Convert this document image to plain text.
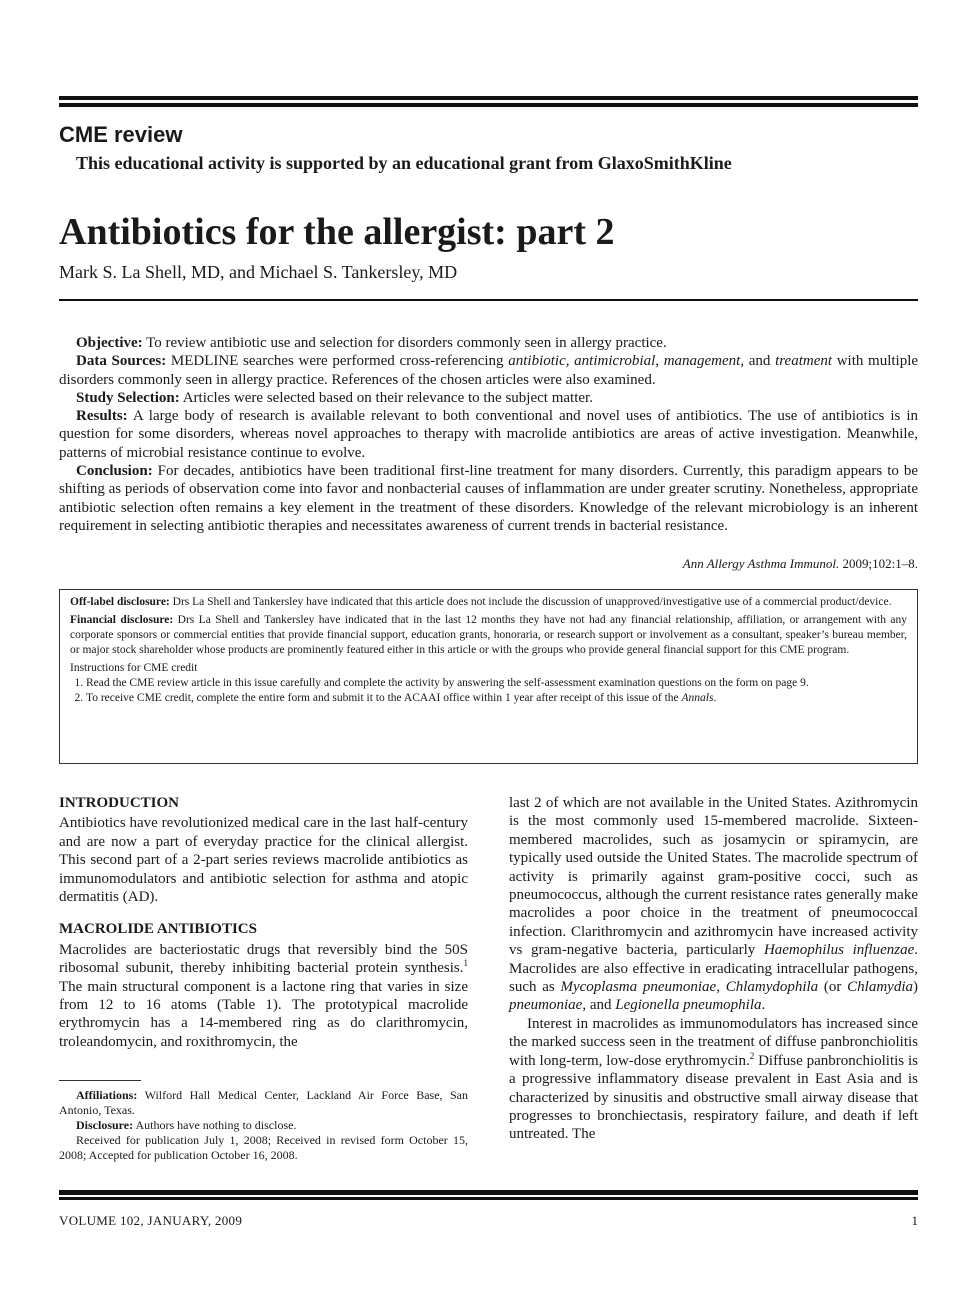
CME review
This educational activity is supported by an educational grant from GlaxoSmithKline
Antibiotics for the allergist: part 2
Mark S. La Shell, MD, and Michael S. Tankersley, MD

Objective: To review antibiotic use and selection for disorders commonly seen in allergy practice.

Data Sources: MEDLINE searches were performed cross-referencing antibiotic, antimicrobial, management, and treatment with multiple disorders commonly seen in allergy practice. References of the chosen articles were also examined.

Study Selection: Articles were selected based on their relevance to the subject matter.

Results: A large body of research is available relevant to both conventional and novel uses of antibiotics. The use of antibiotics is in question for some disorders, whereas novel approaches to therapy with macrolide antibiotics are areas of active investigation. Meanwhile, patterns of microbial resistance continue to evolve.

Conclusion: For decades, antibiotics have been traditional first-line treatment for many disorders. Currently, this paradigm appears to be shifting as periods of observation come into favor and nonbacterial causes of inflammation are under greater scrutiny. Nonetheless, appropriate antibiotic selection often remains a key element in the treatment of these disorders. Knowledge of the relevant microbiology is an inherent requirement in selecting antibiotic therapies and necessitates awareness of current trends in bacterial resistance.

Ann Allergy Asthma Immunol. 2009;102:1–8.

Off-label disclosure: Drs La Shell and Tankersley have indicated that this article does not include the discussion of unapproved/investigative use of a commercial product/device.

Financial disclosure: Drs La Shell and Tankersley have indicated that in the last 12 months they have not had any financial relationship, affiliation, or arrangement with any corporate sponsors or commercial entities that provide financial support, education grants, honoraria, or research support or involvement as a consultant, speaker’s bureau member, or major stock shareholder whose products are prominently featured either in this article or with the groups who provide general financial support for this CME program.

Instructions for CME credit

1. Read the CME review article in this issue carefully and complete the activity by answering the self-assessment examination questions on the form on page 9.
2. To receive CME credit, complete the entire form and submit it to the ACAAI office within 1 year after receipt of this issue of the Annals.
INTRODUCTION

Antibiotics have revolutionized medical care in the last half-century and are now a part of everyday practice for the clinical allergist. This second part of a 2-part series reviews macrolide antibiotics as immunomodulators and antibiotic selection for asthma and atopic dermatitis (AD).

MACROLIDE ANTIBIOTICS

Macrolides are bacteriostatic drugs that reversibly bind the 50S ribosomal subunit, thereby inhibiting bacterial protein synthesis.$^1$ The main structural component is a lactone ring that varies in size from 12 to 16 atoms (Table 1). The prototypical macrolide erythromycin has a 14-membered ring as do clarithromycin, troleandomycin, and roxithromycin, the

Affiliations: Wilford Hall Medical Center, Lackland Air Force Base, San Antonio, Texas.

Disclosure: Authors have nothing to disclose.

Received for publication July 1, 2008; Received in revised form October 15, 2008; Accepted for publication October 16, 2008.

last 2 of which are not available in the United States. Azithromycin is the most commonly used 15-membered macrolide. Sixteen-membered macrolides, such as josamycin or spiramycin, are typically used outside the United States. The macrolide spectrum of activity is primarily against gram-positive cocci, such as pneumococcus, although the current resistance rates generally make macrolides a poor choice in the treatment of pneumococcal infection. Clarithromycin and azithromycin have increased activity vs gram-negative bacteria, particularly Haemophilus influenzae. Macrolides are also effective in eradicating intracellular pathogens, such as Mycoplasma pneumoniae, Chlamydophila (or Chlamydia) pneumoniae, and Legionella pneumophila.

Interest in macrolides as immunomodulators has increased since the marked success seen in the treatment of diffuse panbronchiolitis with long-term, low-dose erythromycin.$^2$ Diffuse panbronchiolitis is a progressive inflammatory disease prevalent in East Asia and is characterized by sinusitis and obstructive small airway disease that progresses to bronchiectasis, respiratory failure, and death if left untreated. The

VOLUME 102, JANUARY, 2009	1
